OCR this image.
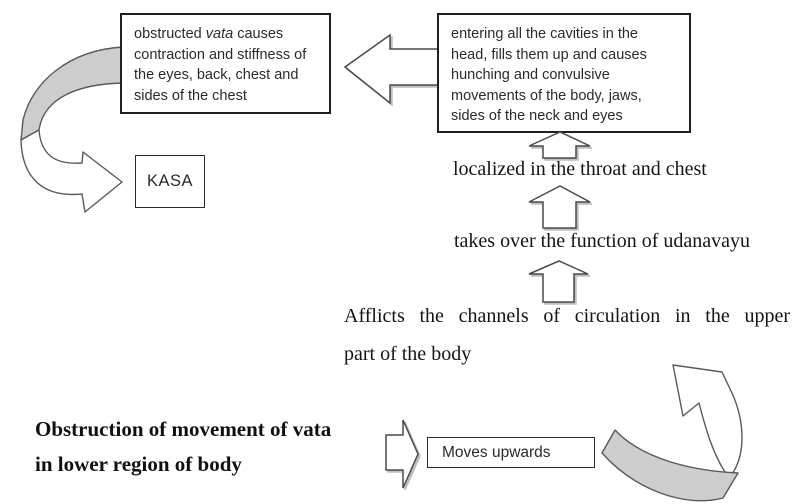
obstructed vata causes contraction and stiffness of the eyes, back, chest and sides of the chest
entering all the cavities in the head, fills them up and causes hunching and convulsive movements of the body, jaws, sides of the neck and eyes
KASA
localized in the throat and chest
takes over the function of udanavayu
Afflicts the channels of circulation in the upper
part of the body
Obstruction of movement of vata
in lower region of body	Moves upwards
